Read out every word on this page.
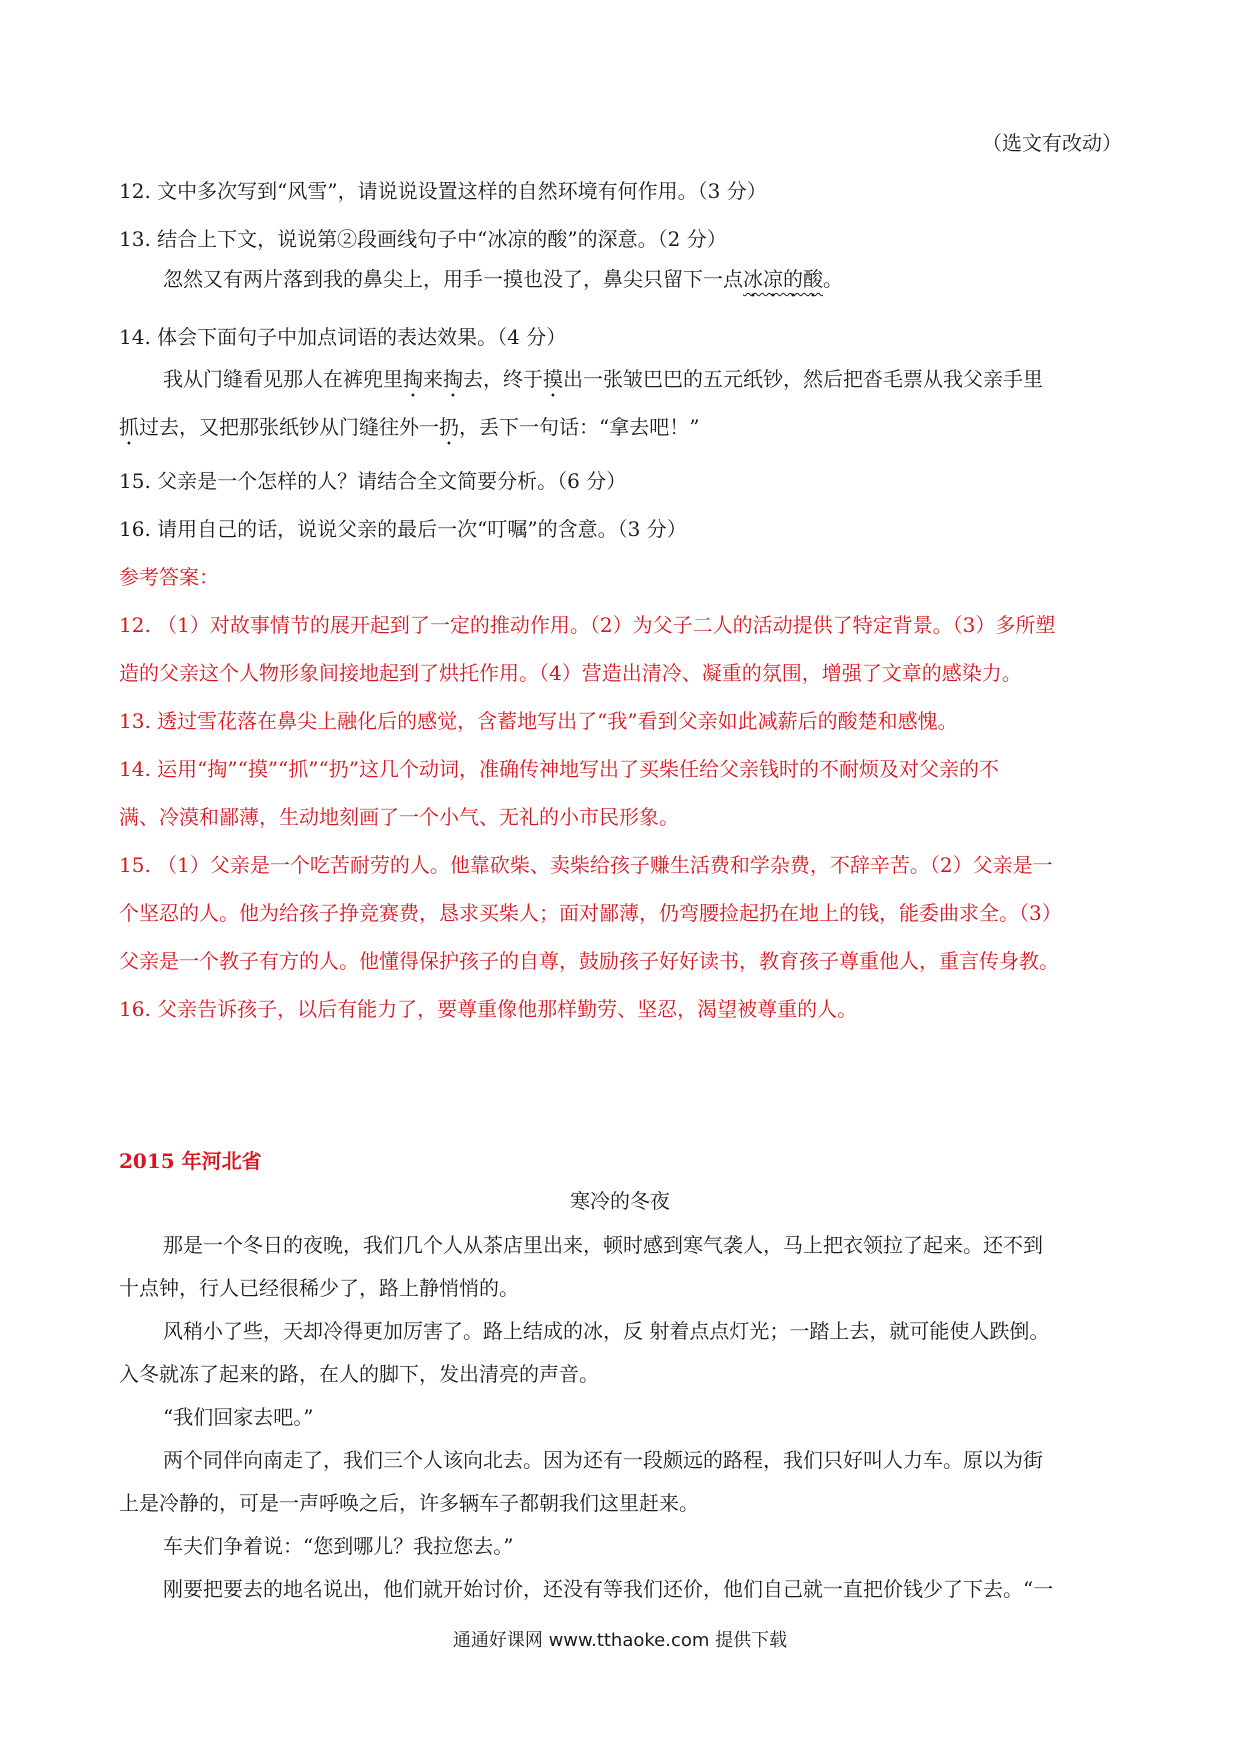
（选文有改动）
12. 文中多次写到“风雪”，请说说设置这样的自然环境有何作用。（3 分）
13. 结合上下文，说说第②段画线句子中“冰凉的酸”的深意。（2 分）
忽然又有两片落到我的鼻尖上，用手一摸也没了，鼻尖只留下一点冰凉的酸。
14. 体会下面句子中加点词语的表达效果。（4 分）
我从门缝看见那人在裤兜里掏来掏去，终于摸出一张皱巴巴的五元纸钞，然后把沓毛票从我父亲手里
抓过去，又把那张纸钞从门缝往外一扔，丢下一句话：“拿去吧！”
15. 父亲是一个怎样的人？请结合全文简要分析。（6 分）
16. 请用自己的话，说说父亲的最后一次“叮嘱”的含意。（3 分）
参考答案：
12. （1）对故事情节的展开起到了一定的推动作用。（2）为父子二人的活动提供了特定背景。（3）多所塑
造的父亲这个人物形象间接地起到了烘托作用。（4）营造出清冷、凝重的氛围，增强了文章的感染力。
13. 透过雪花落在鼻尖上融化后的感觉，含蓄地写出了“我”看到父亲如此减薪后的酸楚和感愧。
14. 运用“掏”“摸”“抓”“扔”这几个动词，准确传神地写出了买柴任给父亲钱时的不耐烦及对父亲的不
满、冷漠和鄙薄，生动地刻画了一个小气、无礼的小市民形象。
15. （1）父亲是一个吃苦耐劳的人。他靠砍柴、卖柴给孩子赚生活费和学杂费，不辞辛苦。（2）父亲是一
个坚忍的人。他为给孩子挣竞赛费，恳求买柴人；面对鄙薄，仍弯腰捡起扔在地上的钱，能委曲求全。（3）
父亲是一个教子有方的人。他懂得保护孩子的自尊，鼓励孩子好好读书，教育孩子尊重他人，重言传身教。
16. 父亲告诉孩子，以后有能力了，要尊重像他那样勤劳、坚忍，渴望被尊重的人。
2015 年河北省
寒冷的冬夜
那是一个冬日的夜晚，我们几个人从茶店里出来，顿时感到寒气袭人，马上把衣领拉了起来。还不到
十点钟，行人已经很稀少了，路上静悄悄的。
风稍小了些，天却冷得更加厉害了。路上结成的冰，反 射着点点灯光；一踏上去，就可能使人跌倒。
入冬就冻了起来的路，在人的脚下，发出清亮的声音。
“我们回家去吧。”
两个同伴向南走了，我们三个人该向北去。因为还有一段颇远的路程，我们只好叫人力车。原以为街
上是冷静的，可是一声呼唤之后，许多辆车子都朝我们这里赶来。
车夫们争着说：“您到哪儿？我拉您去。”
刚要把要去的地名说出，他们就开始讨价，还没有等我们还价，他们自己就一直把价钱少了下去。“一
通通好课网 www.tthaoke.com 提供下载
